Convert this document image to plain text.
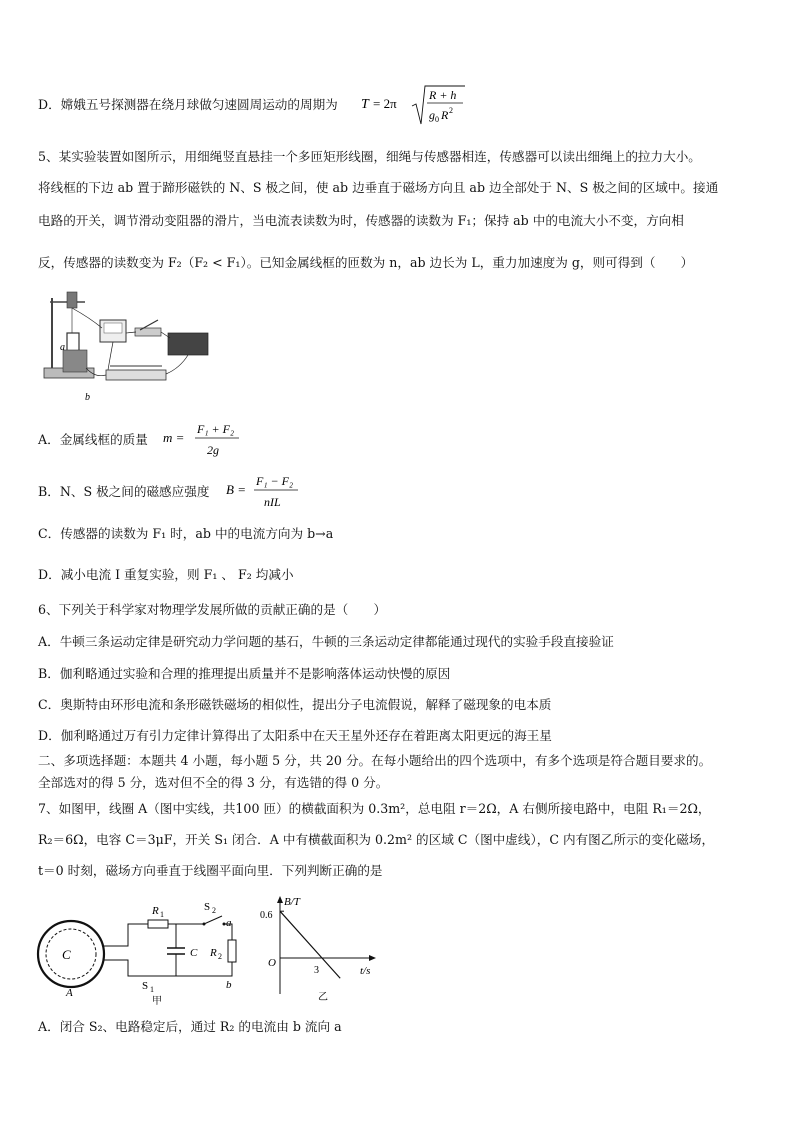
D．嫦娥五号探测器在绕月球做匀速圆周运动的周期为 T = 2π
R + h
g 0 R 2
5、某实验装置如图所示，用细绳竖直悬挂一个多匝矩形线圈，细绳与传感器相连，传感器可以读出细绳上的拉力大小。
将线框的下边 ab 置于蹄形磁铁的 N、S 极之间，使 ab 边垂直于磁场方向且 ab 边全部处于 N、S 极之间的区域中。接通
电路的开关，调节滑动变阻器的滑片，当电流表读数为时，传感器的读数为 F₁；保持 ab 中的电流大小不变，方向相
反，传感器的读数变为 F₂（F₂ < F₁）。已知金属线框的匝数为 n，ab 边长为 L，重力加速度为 g，则可得到（　　）
a
b
A．金属线框的质量 m =
F₁ + F₂
2g
B．N、S 极之间的磁感应强度 B =
F₁ − F₂
nIL
C．传感器的读数为 F₁ 时，ab 中的电流方向为 b→a
D．减小电流 I 重复实验，则 F₁ 、 F₂ 均减小
6、下列关于科学家对物理学发展所做的贡献正确的是（　　）
A．牛顿三条运动定律是研究动力学问题的基石，牛顿的三条运动定律都能通过现代的实验手段直接验证
B．伽利略通过实验和合理的推理提出质量并不是影响落体运动快慢的原因
C．奥斯特由环形电流和条形磁铁磁场的相似性，提出分子电流假说，解释了磁现象的电本质
D．伽利略通过万有引力定律计算得出了太阳系中在天王星外还存在着距离太阳更远的海王星
二、多项选择题：本题共 4 小题，每小题 5 分，共 20 分。在每小题给出的四个选项中，有多个选项是符合题目要求的。
全部选对的得 5 分，选对但不全的得 3 分，有选错的得 0 分。
7、如图甲，线圈 A（图中实线，共100 匝）的横截面积为 0.3m²，总电阻 r＝2Ω，A 右侧所接电路中，电阻 R₁＝2Ω，
R₂＝6Ω，电容 C＝3μF，开关 S₁ 闭合．A 中有横截面积为 0.2m² 的区域 C（图中虚线），C 内有图乙所示的变化磁场，
t＝0 时刻，磁场方向垂直于线圈平面向里．下列判断正确的是
C
A
R 1
S 2
a
R 2
b
C
S 1
甲
B/T
0.6
O
3	t/s
乙
A．闭合 S₂、电路稳定后，通过 R₂ 的电流由 b 流向 a
